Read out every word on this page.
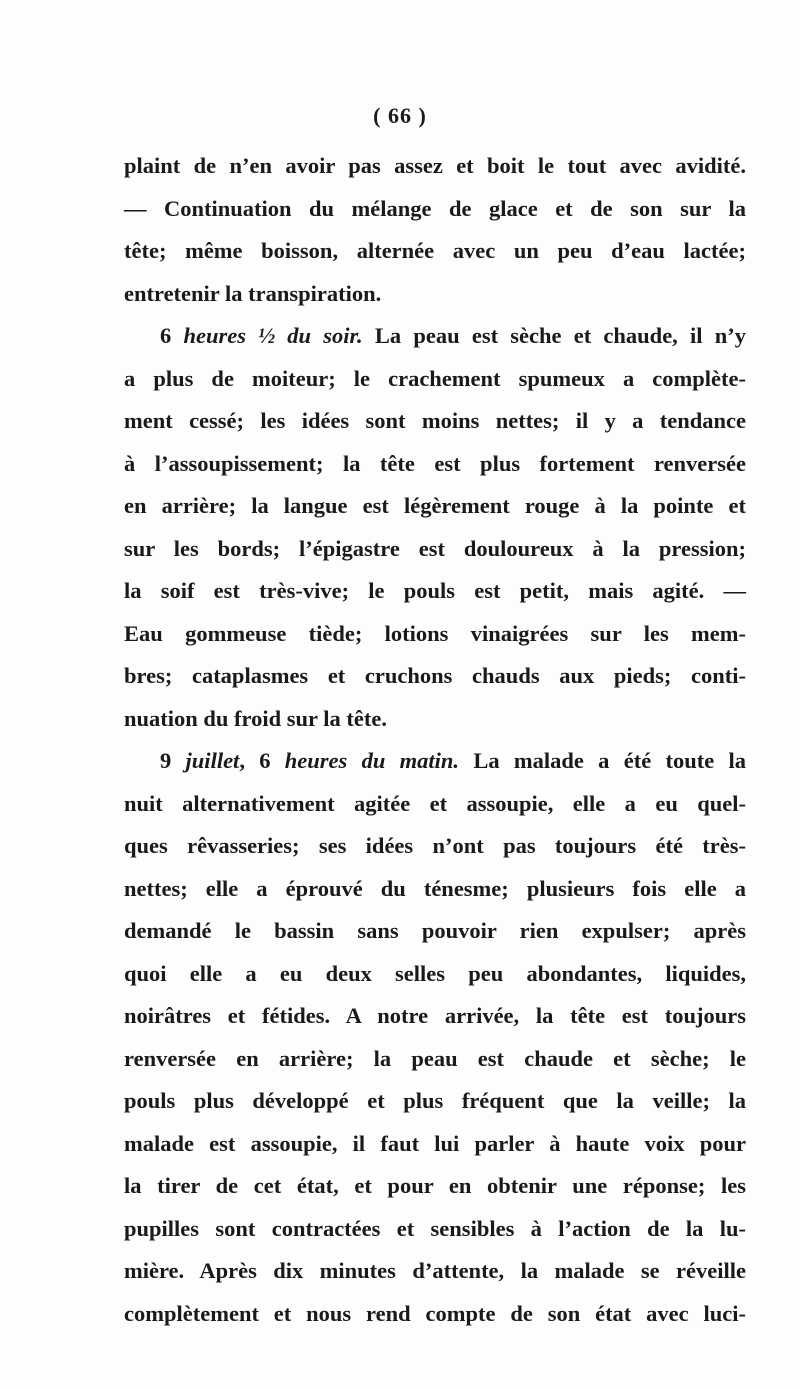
( 66 )
plaint de n’en avoir pas assez et boit le tout avec avidité.
— Continuation du mélange de glace et de son sur la
tête; même boisson, alternée avec un peu d’eau lactée;
entretenir la transpiration.
6 heures ½ du soir. La peau est sèche et chaude, il n’y
a plus de moiteur; le crachement spumeux a complète-
ment cessé; les idées sont moins nettes; il y a tendance
à l’assoupissement; la tête est plus fortement renversée
en arrière; la langue est légèrement rouge à la pointe et
sur les bords; l’épigastre est douloureux à la pression;
la soif est très-vive; le pouls est petit, mais agité. —
Eau gommeuse tiède; lotions vinaigrées sur les mem-
bres; cataplasmes et cruchons chauds aux pieds; conti-
nuation du froid sur la tête.
9 juillet, 6 heures du matin. La malade a été toute la
nuit alternativement agitée et assoupie, elle a eu quel-
ques rêvasseries; ses idées n’ont pas toujours été très-
nettes; elle a éprouvé du ténesme; plusieurs fois elle a
demandé le bassin sans pouvoir rien expulser; après
quoi elle a eu deux selles peu abondantes, liquides,
noirâtres et fétides. A notre arrivée, la tête est toujours
renversée en arrière; la peau est chaude et sèche; le
pouls plus développé et plus fréquent que la veille; la
malade est assoupie, il faut lui parler à haute voix pour
la tirer de cet état, et pour en obtenir une réponse; les
pupilles sont contractées et sensibles à l’action de la lu-
mière. Après dix minutes d’attente, la malade se réveille
complètement et nous rend compte de son état avec luci-
